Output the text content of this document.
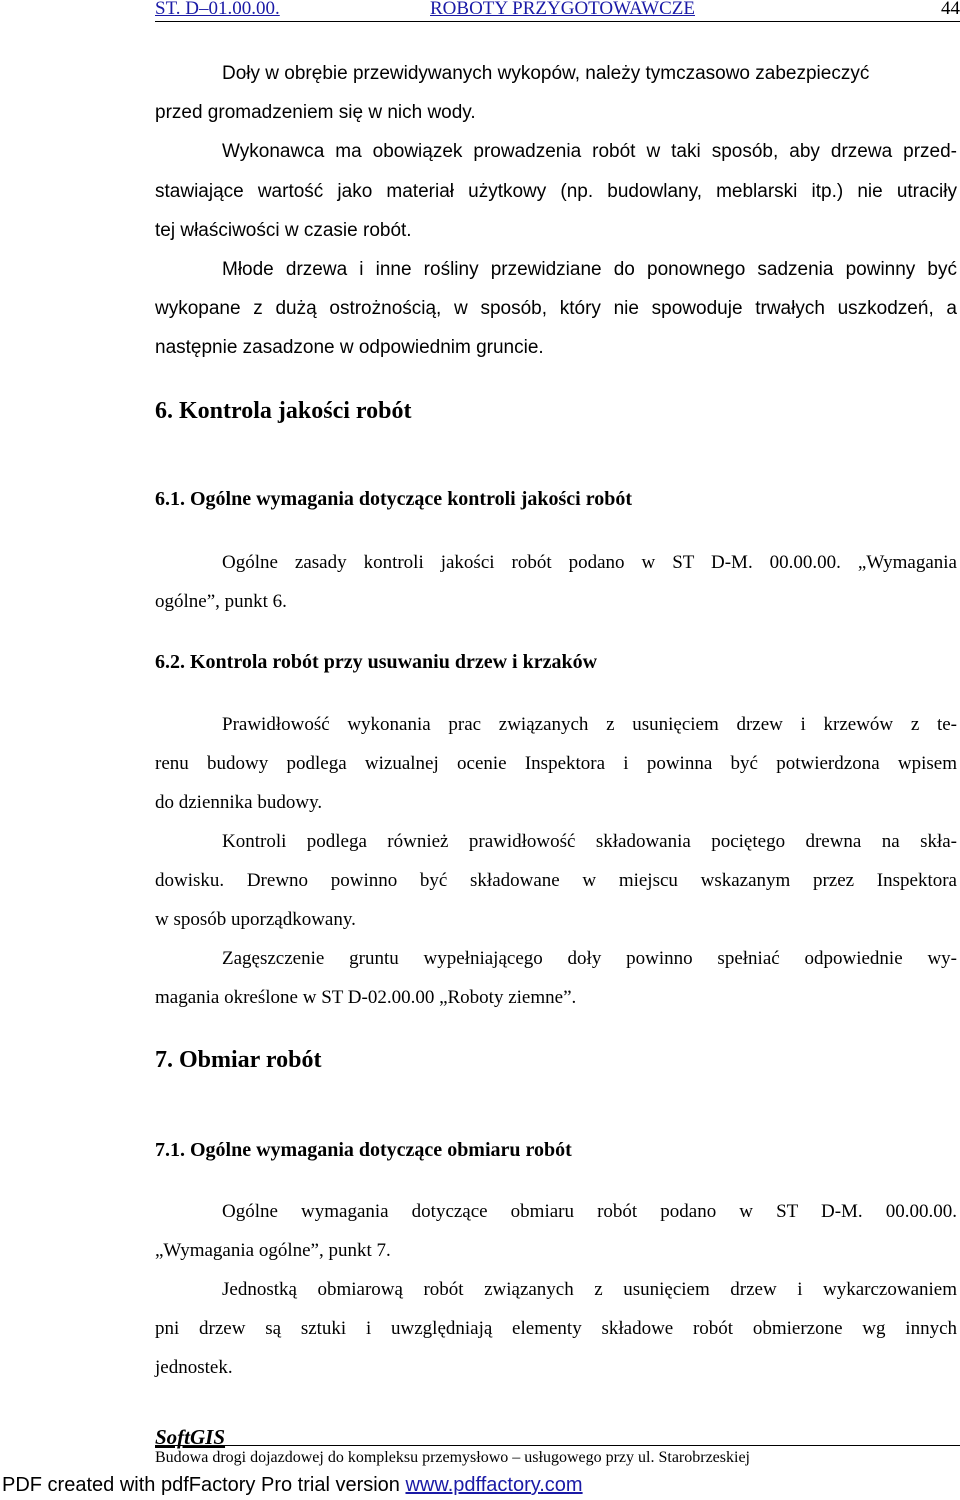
ST. D–01.00.00.	ROBOTY PRZYGOTOWAWCZE	44
Doły w obrębie przewidywanych wykopów, należy tymczasowo zabezpieczyć
przed gromadzeniem się w nich wody.
Wykonawca ma obowiązek prowadzenia robót w taki sposób, aby drzewa przed-
stawiające wartość jako materiał użytkowy (np. budowlany, meblarski itp.) nie utraciły
tej właściwości w czasie robót.
Młode drzewa i inne rośliny przewidziane do ponownego sadzenia powinny być
wykopane z dużą ostrożnością, w sposób, który nie spowoduje trwałych uszkodzeń, a
następnie zasadzone w odpowiednim gruncie.
6. Kontrola jakości robót
6.1. Ogólne wymagania dotyczące kontroli jakości robót
Ogólne zasady kontroli jakości robót podano w ST D-M. 00.00.00. „Wymagania
ogólne”, punkt 6.
6.2. Kontrola robót przy usuwaniu drzew i krzaków
Prawidłowość wykonania prac związanych z usunięciem drzew i krzewów z te-
renu budowy podlega wizualnej ocenie Inspektora i powinna być potwierdzona wpisem
do dziennika budowy.
Kontroli podlega również prawidłowość składowania pociętego drewna na skła-
dowisku. Drewno powinno być składowane w miejscu wskazanym przez Inspektora
w sposób uporządkowany.
Zagęszczenie gruntu wypełniającego doły powinno spełniać odpowiednie wy-
magania określone w ST D-02.00.00 „Roboty ziemne”.
7. Obmiar robót
7.1. Ogólne wymagania dotyczące obmiaru robót
Ogólne wymagania dotyczące obmiaru robót podano w ST D-M. 00.00.00.
„Wymagania ogólne”, punkt 7.
Jednostką obmiarową robót związanych z usunięciem drzew i wykarczowaniem
pni drzew są sztuki i uwzględniają elementy składowe robót obmierzone wg innych
jednostek.
SoftGIS
Budowa drogi dojazdowej do kompleksu przemysłowo – usługowego przy ul. Starobrzeskiej
PDF created with pdfFactory Pro trial version www.pdffactory.com
